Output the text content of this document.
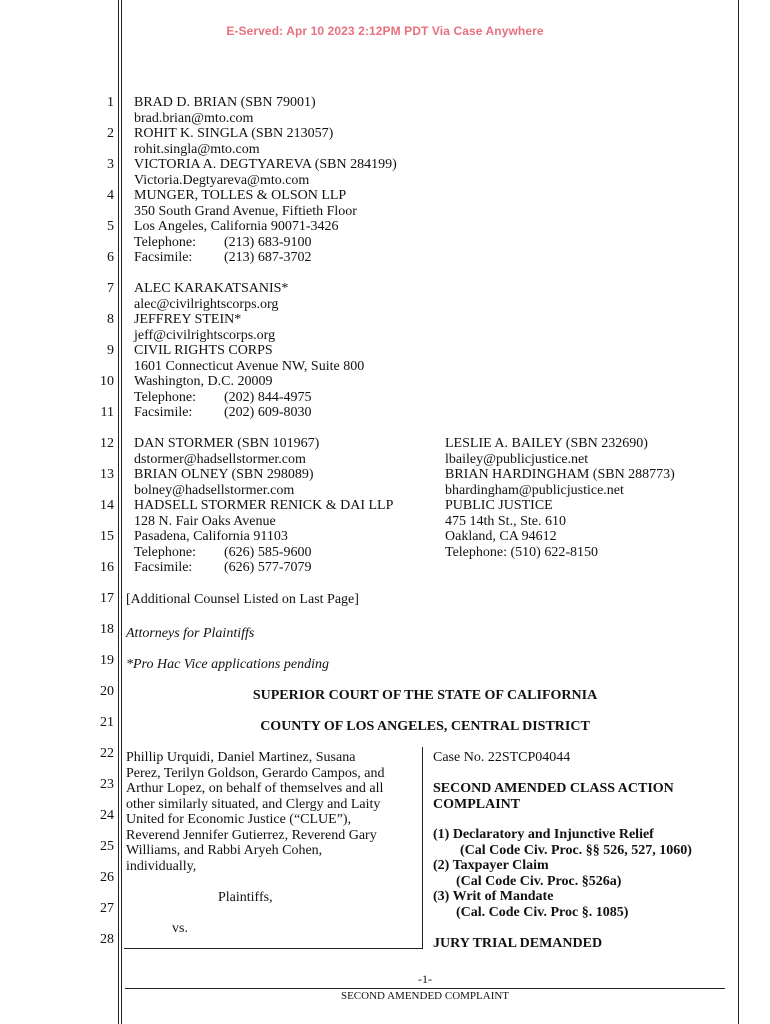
E-Served: Apr 10 2023 2:12PM PDT Via Case Anywhere
1
2
3
4
5
6
7
8
9
10
11
12
13
14
15
16
17
18
19
20
21
22
23
24
25
26
27
28
BRAD D. BRIAN (SBN 79001)
brad.brian@mto.com
ROHIT K. SINGLA (SBN 213057)
rohit.singla@mto.com
VICTORIA A. DEGTYAREVA (SBN 284199)
Victoria.Degtyareva@mto.com
MUNGER, TOLLES & OLSON LLP
350 South Grand Avenue, Fiftieth Floor
Los Angeles, California 90071-3426
Telephone: (213) 683-9100
Facsimile: (213) 687-3702
ALEC KARAKATSANIS*
alec@civilrightscorps.org
JEFFREY STEIN*
jeff@civilrightscorps.org
CIVIL RIGHTS CORPS
1601 Connecticut Avenue NW, Suite 800
Washington, D.C. 20009
Telephone: (202) 844-4975
Facsimile: (202) 609-8030
DAN STORMER (SBN 101967)
dstormer@hadsellstormer.com
BRIAN OLNEY (SBN 298089)
bolney@hadsellstormer.com
HADSELL STORMER RENICK & DAI LLP
128 N. Fair Oaks Avenue
Pasadena, California 91103
Telephone: (626) 585-9600
Facsimile: (626) 577-7079
LESLIE A. BAILEY (SBN 232690)
lbailey@publicjustice.net
BRIAN HARDINGHAM (SBN 288773)
bhardingham@publicjustice.net
PUBLIC JUSTICE
475 14th St., Ste. 610
Oakland, CA 94612
Telephone: (510) 622-8150
[Additional Counsel Listed on Last Page]
Attorneys for Plaintiffs
*Pro Hac Vice applications pending
SUPERIOR COURT OF THE STATE OF CALIFORNIA
COUNTY OF LOS ANGELES, CENTRAL DISTRICT
Phillip Urquidi, Daniel Martinez, Susana
Perez, Terilyn Goldson, Gerardo Campos, and
Arthur Lopez, on behalf of themselves and all
other similarly situated, and Clergy and Laity
United for Economic Justice (“CLUE”),
Reverend Jennifer Gutierrez, Reverend Gary
Williams, and Rabbi Aryeh Cohen,
individually,
Plaintiffs,
vs.
Case No. 22STCP04044
SECOND AMENDED CLASS ACTION
COMPLAINT
(1) Declaratory and Injunctive Relief
(Cal Code Civ. Proc. §§ 526, 527, 1060)
(2) Taxpayer Claim
(Cal Code Civ. Proc. §526a)
(3) Writ of Mandate
(Cal. Code Civ. Proc §. 1085)
JURY TRIAL DEMANDED
-1-
SECOND AMENDED COMPLAINT
